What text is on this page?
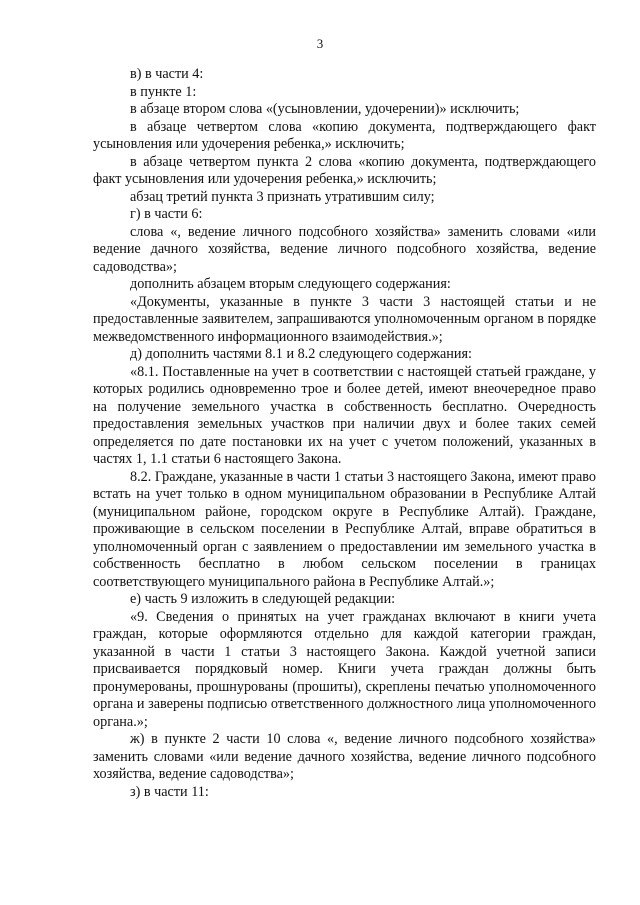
3

в) в части 4:

в пункте 1:

в абзаце втором слова «(усыновлении, удочерении)» исключить;

в абзаце четвертом слова «копию документа, подтверждающего факт усыновления или удочерения ребенка,» исключить;

в абзаце четвертом пункта 2 слова «копию документа, подтверждающего факт усыновления или удочерения ребенка,» исключить;

абзац третий пункта 3 признать утратившим силу;

г) в части 6:

слова «, ведение личного подсобного хозяйства» заменить словами «или ведение дачного хозяйства, ведение личного подсобного хозяйства, ведение садоводства»;

дополнить абзацем вторым следующего содержания:

«Документы, указанные в пункте 3 части 3 настоящей статьи и не предоставленные заявителем, запрашиваются уполномоченным органом в порядке межведомственного информационного взаимодействия.»;

д) дополнить частями 8.1 и 8.2 следующего содержания:

«8.1. Поставленные на учет в соответствии с настоящей статьей граждане, у которых родились одновременно трое и более детей, имеют внеочередное право на получение земельного участка в собственность бесплатно. Очередность предоставления земельных участков при наличии двух и более таких семей определяется по дате постановки их на учет с учетом положений, указанных в частях 1, 1.1 статьи 6 настоящего Закона.

8.2. Граждане, указанные в части 1 статьи 3 настоящего Закона, имеют право встать на учет только в одном муниципальном образовании в Республике Алтай (муниципальном районе, городском округе в Республике Алтай). Граждане, проживающие в сельском поселении в Республике Алтай, вправе обратиться в уполномоченный орган с заявлением о предоставлении им земельного участка в собственность бесплатно в любом сельском поселении в границах соответствующего муниципального района в Республике Алтай.»;

е) часть 9 изложить в следующей редакции:

«9. Сведения о принятых на учет гражданах включают в книги учета граждан, которые оформляются отдельно для каждой категории граждан, указанной в части 1 статьи 3 настоящего Закона. Каждой учетной записи присваивается порядковый номер. Книги учета граждан должны быть пронумерованы, прошнурованы (прошиты), скреплены печатью уполномоченного органа и заверены подписью ответственного должностного лица уполномоченного органа.»;

ж) в пункте 2 части 10 слова «, ведение личного подсобного хозяйства» заменить словами «или ведение дачного хозяйства, ведение личного подсобного хозяйства, ведение садоводства»;

з) в части 11:
